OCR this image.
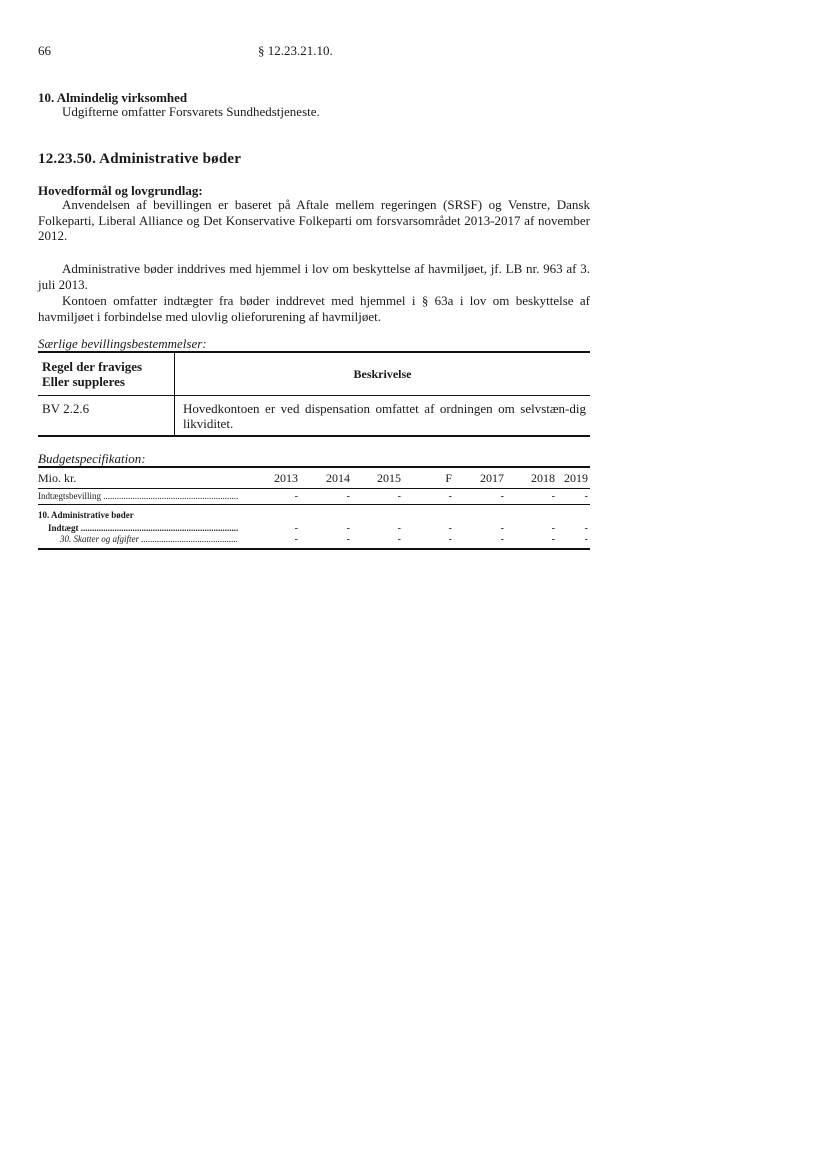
66	§ 12.23.21.10.
10. Almindelig virksomhed
Udgifterne omfatter Forsvarets Sundhedstjeneste.
12.23.50. Administrative bøder
Hovedformål og lovgrundlag:

Anvendelsen af bevillingen er baseret på Aftale mellem regeringen (SRSF) og Venstre, Dansk Folkeparti, Liberal Alliance og Det Konservative Folkeparti om forsvarsområdet 2013-2017 af november 2012.

Administrative bøder inddrives med hjemmel i lov om beskyttelse af havmiljøet, jf. LB nr. 963 af 3. juli 2013.

Kontoen omfatter indtægter fra bøder inddrevet med hjemmel i § 63a i lov om beskyttelse af havmiljøet i forbindelse med ulovlig olieforurening af havmiljøet.

Særlige bevillingsbestemmelser:
Regel der fraviges
Eller suppleres	Beskrivelse
BV 2.2.6	Hovedkontoen er ved dispensation omfattet af ordningen om selvstæn-dig likviditet.
Budgetspecifikation:
Mio. kr.	2013	2014	2015	F	2017	2018 2019
Indtægtsbevilling .....	-	-	-	-	-	-	-
10. Administrative bøder
Indtægt .....	-	-	-	-	-	-	-
30. Skatter og afgifter .....	-	-	-	-	-	-	-
